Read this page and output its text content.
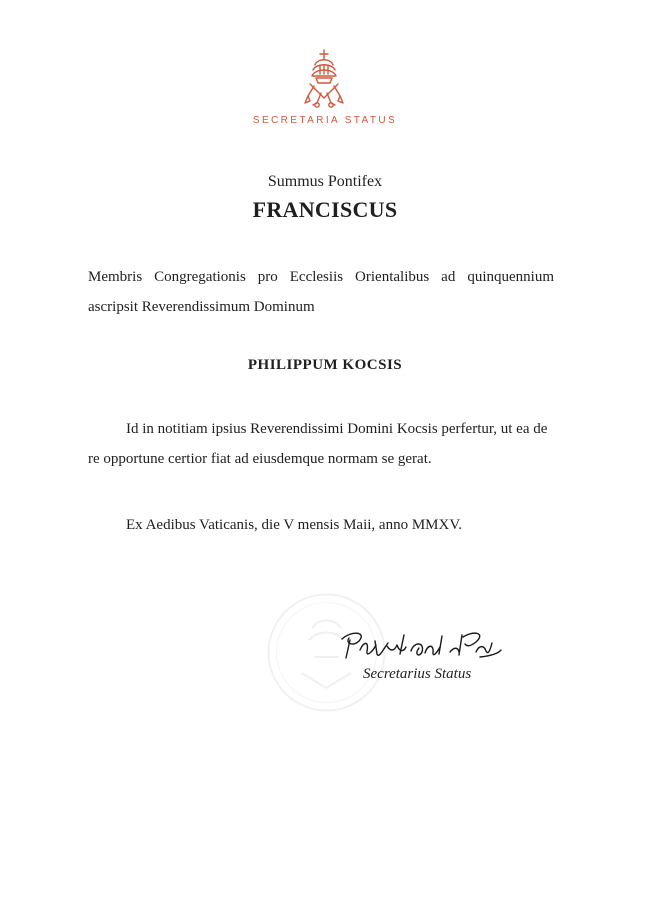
SECRETARIA STATUS
Summus Pontifex
FRANCISCUS

Membris Congregationis pro Ecclesiis Orientalibus ad quinquennium ascripsit Reverendissimum Dominum

PHILIPPUM KOCSIS

Id in notitiam ipsius Reverendissimi Domini Kocsis perfertur, ut ea de re opportune certior fiat ad eiusdemque normam se gerat.

Ex Aedibus Vaticanis, die V mensis Maii, anno MMXV.

Secretarius Status
